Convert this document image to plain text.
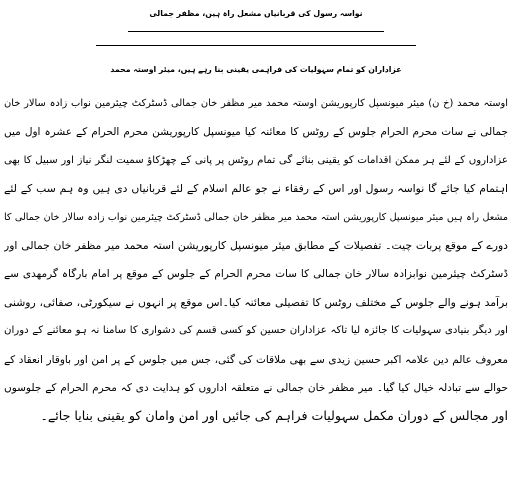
نواسہ رسول کی قربانیاں مشعل راہ ہیں، مظفر جمالی
عزاداران کو تمام سہولیات کی فراہمی یقینی بنا رہے ہیں، میئر اوستہ محمد
اوستہ محمد (خ ن) میئر میونسپل کارپوریشن اوستہ محمد میر مظفر خان جمالی ڈسٹرکٹ چیئرمین نواب زادہ سالار خان
جمالی نے سات محرم الحرام جلوس کے روٹس کا معائنہ کیا میونسپل کارپوریشن محرم الحرام کے عشرہ اول میں
عزاداروں کے لئے ہر ممکن اقدامات کو یقینی بنائے گی تمام روٹس پر پانی کے چھڑکاؤ سمیت لنگر نیاز اور سبیل کا بھی
اہتمام کیا جائے گا نواسہ رسول اور اس کے رفقاء نے جو عالم اسلام کے لئے قربانیاں دی ہیں وہ ہم سب کے لئے
مشعل راہ ہیں میئر میونسپل کارپوریشن استہ محمد میر مظفر خان جمالی ڈسٹرکٹ چیئرمین نواب زادہ سالار خان جمالی کا
دورے کے موقع پربات چیت۔ تفصیلات کے مطابق میئر میونسپل کارپوریشن استہ محمد میر مظفر خان جمالی اور
ڈسٹرکٹ چیئرمین نوابزادہ سالار خان جمالی کا سات محرم الحرام کے جلوس کے موقع پر امام بارگاہ گرمھدی سے
برآمد ہونے والے جلوس کے مختلف روٹس کا تفصیلی معائنہ کیا۔اس موقع پر انہوں نے سیکورٹی، صفائی، روشنی
اور دیگر بنیادی سہولیات کا جائزہ لیا تاکہ عزاداران حسین کو کسی قسم کی دشواری کا سامنا نہ ہو معائنے کے دوران
معروف عالم دین علامہ اکبر حسین زیدی سے بھی ملاقات کی گئی، جس میں جلوس کے پر امن اور باوقار انعقاد کے
حوالے سے تبادلہ خیال کیا گیا۔ میر مظفر خان جمالی نے متعلقہ اداروں کو ہدایت دی کہ محرم الحرام کے جلوسوں
اور مجالس کے دوران مکمل سہولیات فراہم کی جائیں اور امن وامان کو یقینی بنایا جائے۔
